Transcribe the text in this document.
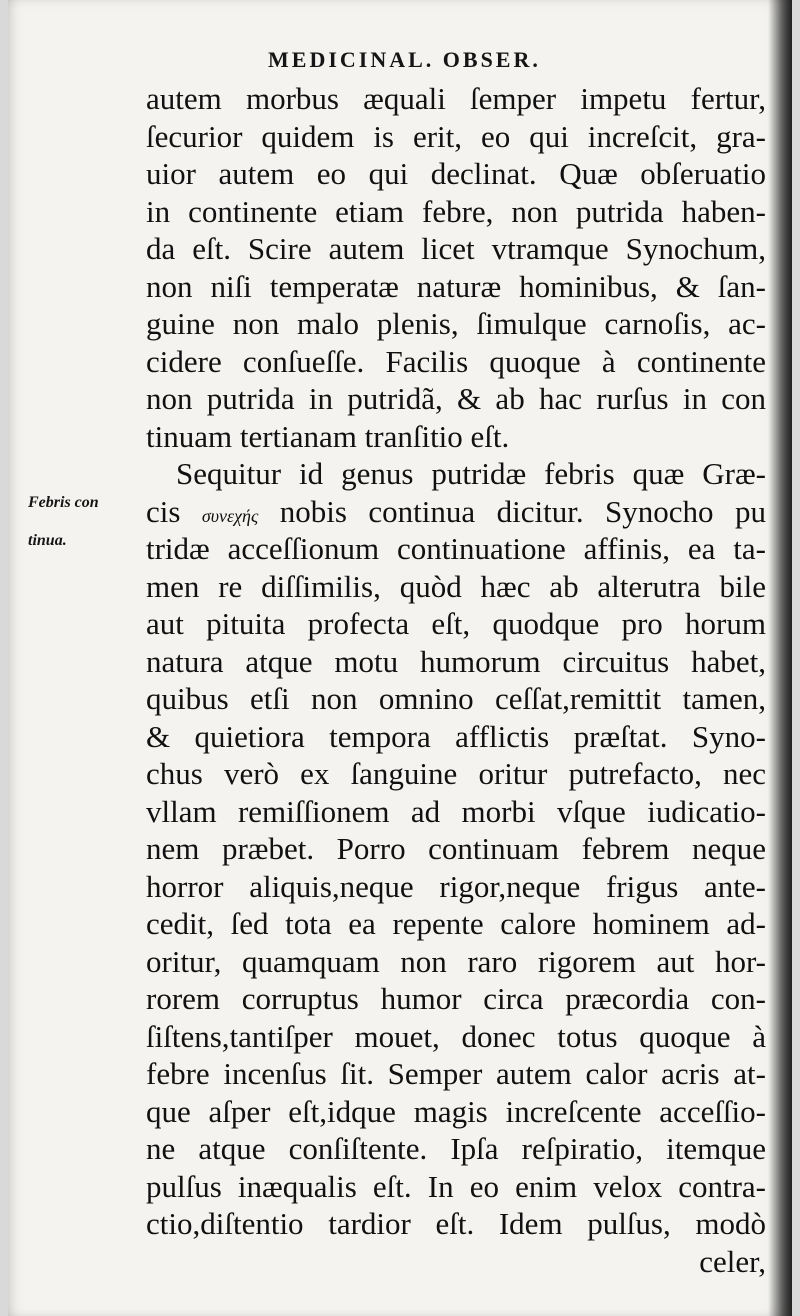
MEDICINAL. OBSER.
Febris con
tinua.
autem morbus æquali ſemper impetu fertur,
ſecurior quidem is erit, eo qui increſcit, gra-
uior autem eo qui declinat. Quæ obſeruatio
in continente etiam febre, non putrida haben-
da eſt. Scire autem licet vtramque Synochum,
non niſi temperatæ naturæ hominibus, & ſan-
guine non malo plenis, ſimulque carnoſis, ac-
cidere conſueſſe. Facilis quoque à continente
non putrida in putridã, & ab hac rurſus in con
tinuam tertianam tranſitio eſt.
Sequitur id genus putridæ febris quæ Græ-
cis συνεχής nobis continua dicitur. Synocho pu
tridæ acceſſionum continuatione affinis, ea ta-
men re diſſimilis, quòd hæc ab alterutra bile
aut pituita profecta eſt, quodque pro horum
natura atque motu humorum circuitus habet,
quibus etſi non omnino ceſſat,remittit tamen,
& quietiora tempora afflictis præſtat. Syno-
chus verò ex ſanguine oritur putrefacto, nec
vllam remiſſionem ad morbi vſque iudicatio-
nem præbet. Porro continuam febrem neque
horror aliquis,neque rigor,neque frigus ante-
cedit, ſed tota ea repente calore hominem ad-
oritur, quamquam non raro rigorem aut hor-
rorem corruptus humor circa præcordia con-
ſiſtens,tantiſper mouet, donec totus quoque à
febre incenſus ſit. Semper autem calor acris at-
que aſper eſt,idque magis increſcente acceſſio-
ne atque conſiſtente. Ipſa reſpiratio, itemque
pulſus inæqualis eſt. In eo enim velox contra-
ctio,diſtentio tardior eſt. Idem pulſus, modò
celer,
